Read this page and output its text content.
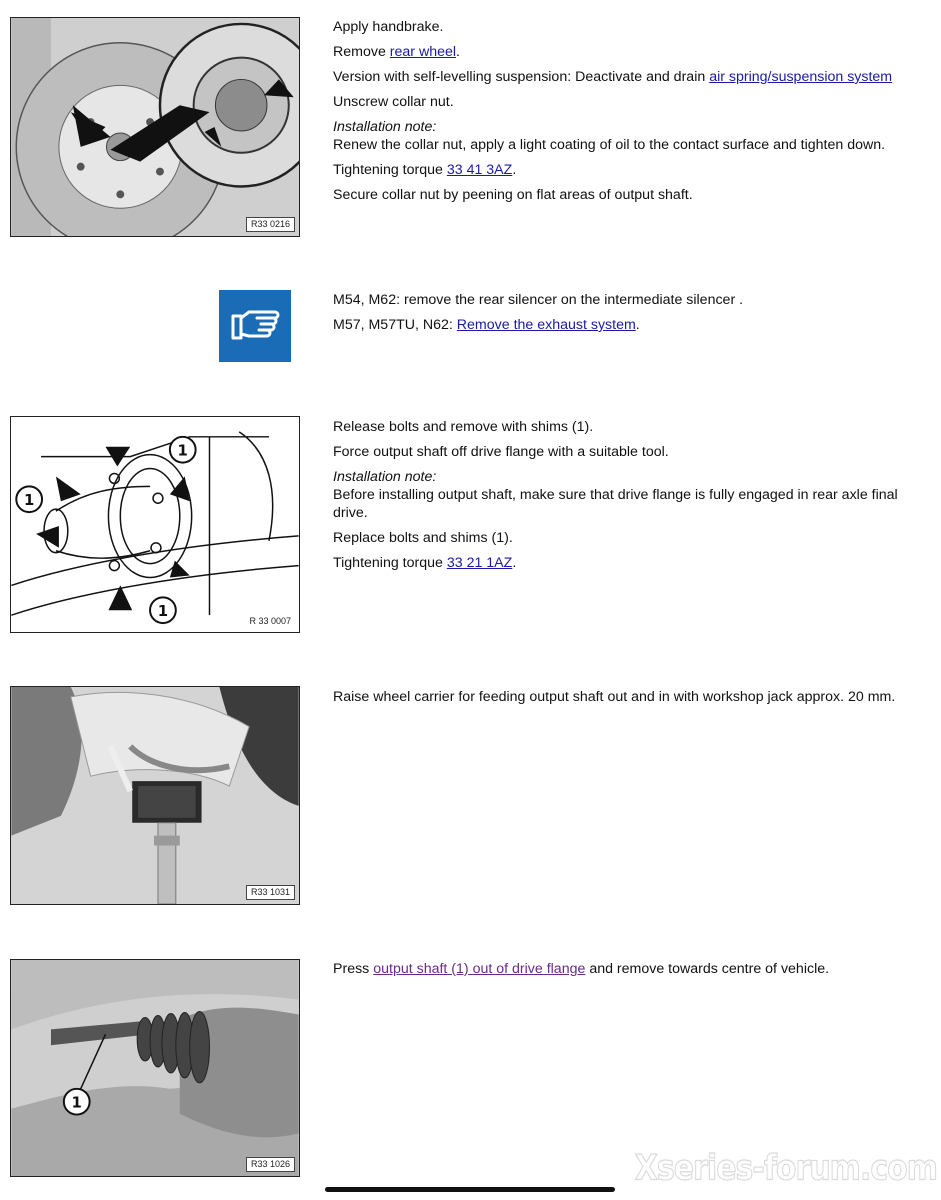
R33 0216

Apply handbrake.

Remove rear wheel.

Version with self-levelling suspension: Deactivate and drain air spring/suspension system

Unscrew collar nut.

Installation note:

Renew the collar nut, apply a light coating of oil to the contact surface and tighten down.

Tightening torque 33 41 3AZ.

Secure collar nut by peening on flat areas of output shaft.

M54, M62: remove the rear silencer on the intermediate silencer .

M57, M57TU, N62: Remove the exhaust system.

1
1
1
R 33 0007

Release bolts and remove with shims (1).

Force output shaft off drive flange with a suitable tool.

Installation note:

Before installing output shaft, make sure that drive flange is fully engaged in rear axle final drive.

Replace bolts and shims (1).

Tightening torque 33 21 1AZ.

R33 1031

Raise wheel carrier for feeding output shaft out and in with workshop jack approx. 20 mm.

1
R33 1026

Press output shaft (1) out of drive flange and remove towards centre of vehicle.

Xseries-forum.com
